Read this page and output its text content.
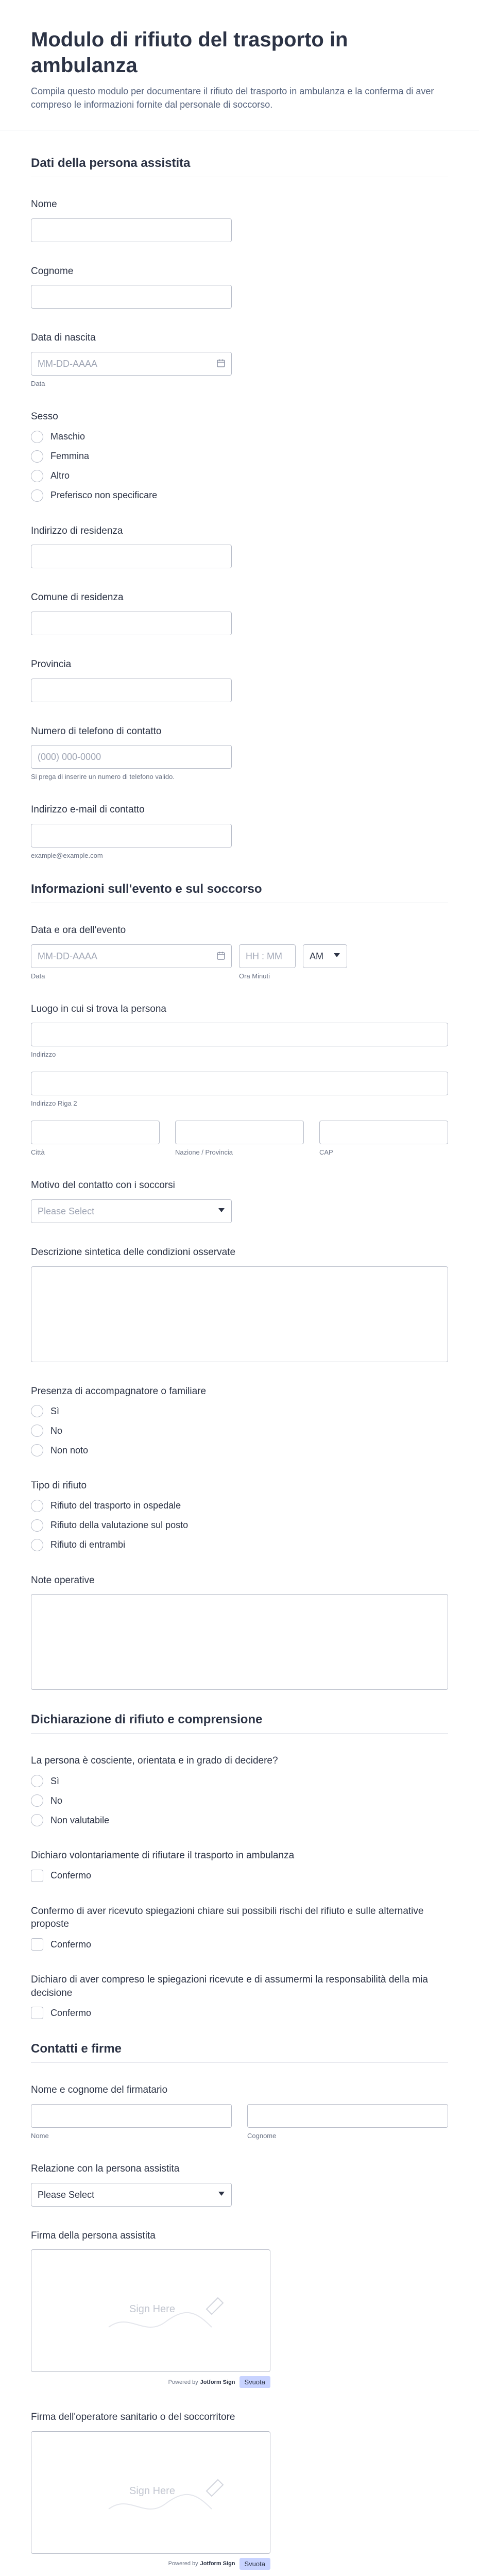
Modulo di rifiuto del trasporto in ambulanza

Compila questo modulo per documentare il rifiuto del trasporto in ambulanza e la conferma di aver compreso le informazioni fornite dal personale di soccorso.

Dati della persona assistita
Nome
Cognome
Data di nascita
MM-DD-AAAA
Data
Sesso
Maschio
Femmina
Altro
Preferisco non specificare
Indirizzo di residenza
Comune di residenza
Provincia
Numero di telefono di contatto
(000) 000-0000
Si prega di inserire un numero di telefono valido.
Indirizzo e-mail di contatto
example@example.com
Informazioni sull'evento e sul soccorso
Data e ora dell'evento
MM-DD-AAAA
Data
HH : MM
Ora Minuti
AM
Luogo in cui si trova la persona
Indirizzo
Indirizzo Riga 2
Città	Nazione / Provincia	CAP
Motivo del contatto con i soccorsi
Please Select
Descrizione sintetica delle condizioni osservate
Presenza di accompagnatore o familiare
Sì
No
Non noto
Tipo di rifiuto
Rifiuto del trasporto in ospedale
Rifiuto della valutazione sul posto
Rifiuto di entrambi
Note operative
Dichiarazione di rifiuto e comprensione
La persona è cosciente, orientata e in grado di decidere?
Sì
No
Non valutabile
Dichiaro volontariamente di rifiutare il trasporto in ambulanza
Confermo
Confermo di aver ricevuto spiegazioni chiare sui possibili rischi del rifiuto e sulle alternative proposte
Confermo
Dichiaro di aver compreso le spiegazioni ricevute e di assumermi la responsabilità della mia decisione
Confermo
Contatti e firme
Nome e cognome del firmatario
Nome	Cognome
Relazione con la persona assistita
Please Select
Firma della persona assistita
Sign Here
Powered by Jotform Sign	Svuota
Firma dell'operatore sanitario o del soccorritore
Sign Here
Powered by Jotform Sign	Svuota
